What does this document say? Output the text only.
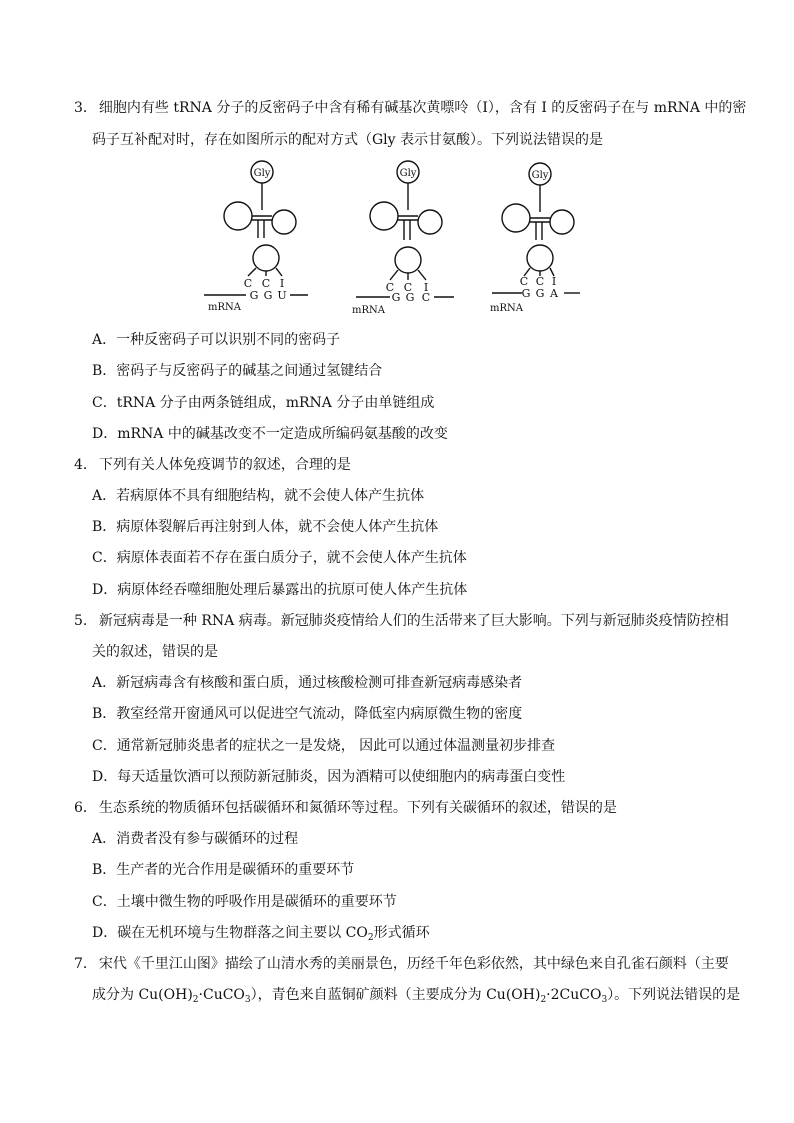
3． 细胞内有些 tRNA 分子的反密码子中含有稀有碱基次黄嘌呤（I），含有 I 的反密码子在与 mRNA 中的密
码子互补配对时，存在如图所示的配对方式（Gly 表示甘氨酸）。下列说法错误的是
Gly
C C I
G G U
mRNA
Gly
C C I
G G C
mRNA
Gly
C C I
G G A
mRNA
A．一种反密码子可以识别不同的密码子
B．密码子与反密码子的碱基之间通过氢键结合
C．tRNA 分子由两条链组成，mRNA 分子由单链组成
D．mRNA 中的碱基改变不一定造成所编码氨基酸的改变
4． 下列有关人体免疫调节的叙述，合理的是
A．若病原体不具有细胞结构，就不会使人体产生抗体
B．病原体裂解后再注射到人体，就不会使人体产生抗体
C．病原体表面若不存在蛋白质分子，就不会使人体产生抗体
D．病原体经吞噬细胞处理后暴露出的抗原可使人体产生抗体
5． 新冠病毒是一种 RNA 病毒。新冠肺炎疫情给人们的生活带来了巨大影响。下列与新冠肺炎疫情防控相
关的叙述，错误的是
A．新冠病毒含有核酸和蛋白质，通过核酸检测可排查新冠病毒感染者
B．教室经常开窗通风可以促进空气流动，降低室内病原微生物的密度
C．通常新冠肺炎患者的症状之一是发烧， 因此可以通过体温测量初步排查
D．每天适量饮酒可以预防新冠肺炎，因为酒精可以使细胞内的病毒蛋白变性
6． 生态系统的物质循环包括碳循环和氮循环等过程。下列有关碳循环的叙述，错误的是
A．消费者没有参与碳循环的过程
B．生产者的光合作用是碳循环的重要环节
C．土壤中微生物的呼吸作用是碳循环的重要环节
D．碳在无机环境与生物群落之间主要以 $CO_2$形式循环
7． 宋代《千里江山图》描绘了山清水秀的美丽景色，历经千年色彩依然，其中绿色来自孔雀石颜料（主要
成分为 $Cu(OH)_2\cdot CuCO_3$），青色来自蓝铜矿颜料（主要成分为 $Cu(OH)_2\cdot 2CuCO_3$）。下列说法错误的是
